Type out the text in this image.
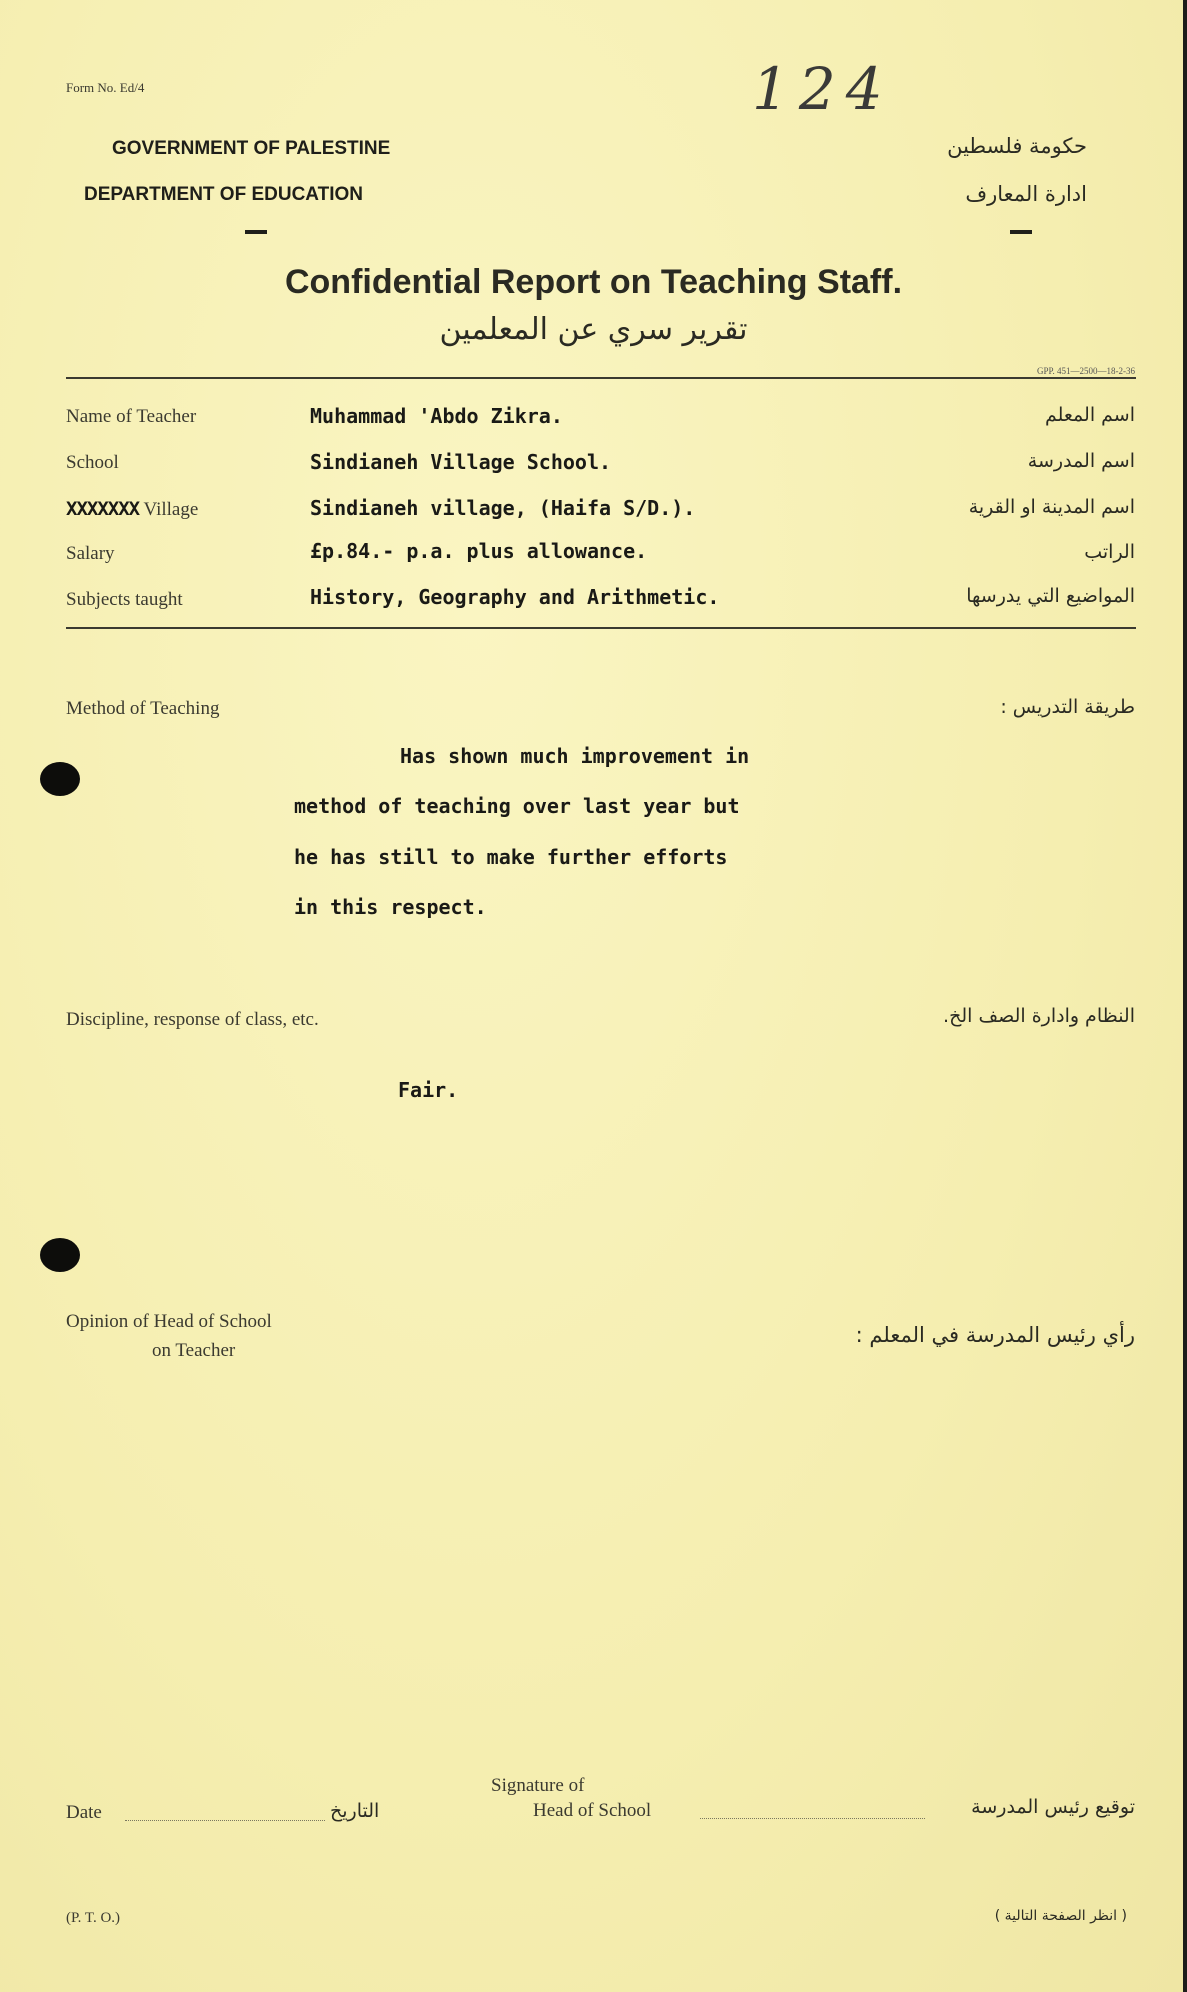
Form No. Ed/4	124
GOVERNMENT OF PALESTINE
DEPARTMENT OF EDUCATION
حكومة فلسطين
ادارة المعارف
Confidential Report on Teaching Staff.
تقرير سري عن المعلمين
GPP. 451—2500—18-2-36
Name of Teacher	Muhammad 'Abdo Zikra.	اسم المعلم
School	Sindianeh Village School.	اسم المدرسة
XXXXXXX Village	Sindianeh village, (Haifa S/D.).	اسم المدينة او القرية
Salary	£p.84.- p.a. plus allowance.	الراتب
Subjects taught	History, Geography and Arithmetic.	المواضيع التي يدرسها
Method of Teaching	طريقة التدريس :
Has shown much improvement in
method of teaching over last year but
he has still to make further efforts
in this respect.
Discipline, response of class, etc.	النظام وادارة الصف الخ.
Fair.
Opinion of Head of School
on Teacher
رأي رئيس المدرسة في المعلم :
Date	التاريخ
Signature of
Head of School	توقيع رئيس المدرسة
(P. T. O.)	( انظر الصفحة التالية )
